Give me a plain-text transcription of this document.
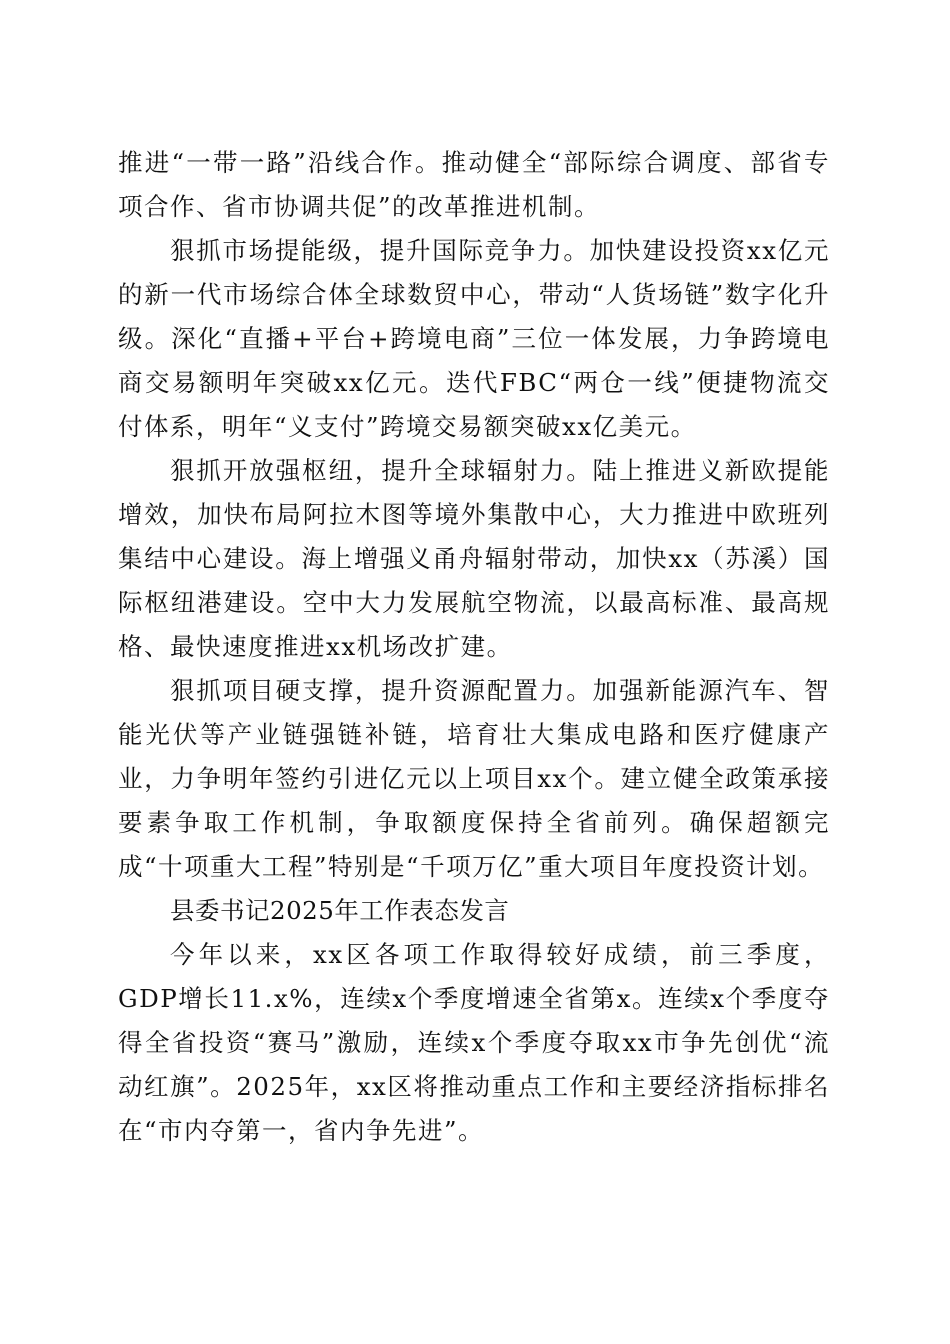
推进“一带一路”沿线合作。推动健全“部际综合调度、部省专项合作、省市协调共促”的改革推进机制。

狠抓市场提能级，提升国际竞争力。加快建设投资xx亿元的新一代市场综合体全球数贸中心，带动“人货场链”数字化升级。深化“直播+平台+跨境电商”三位一体发展，力争跨境电商交易额明年突破xx亿元。迭代FBC“两仓一线”便捷物流交付体系，明年“义支付”跨境交易额突破xx亿美元。

狠抓开放强枢纽，提升全球辐射力。陆上推进义新欧提能增效，加快布局阿拉木图等境外集散中心，大力推进中欧班列集结中心建设。海上增强义甬舟辐射带动，加快xx（苏溪）国际枢纽港建设。空中大力发展航空物流，以最高标准、最高规格、最快速度推进xx机场改扩建。

狠抓项目硬支撑，提升资源配置力。加强新能源汽车、智能光伏等产业链强链补链，培育壮大集成电路和医疗健康产业，力争明年签约引进亿元以上项目xx个。建立健全政策承接要素争取工作机制，争取额度保持全省前列。确保超额完成“十项重大工程”特别是“千项万亿”重大项目年度投资计划。

县委书记2025年工作表态发言

今年以来，xx区各项工作取得较好成绩，前三季度，GDP增长11.x%，连续x个季度增速全省第x。连续x个季度夺得全省投资“赛马”激励，连续x个季度夺取xx市争先创优“流动红旗”。2025年，xx区将推动重点工作和主要经济指标排名在“市内夺第一，省内争先进”。
